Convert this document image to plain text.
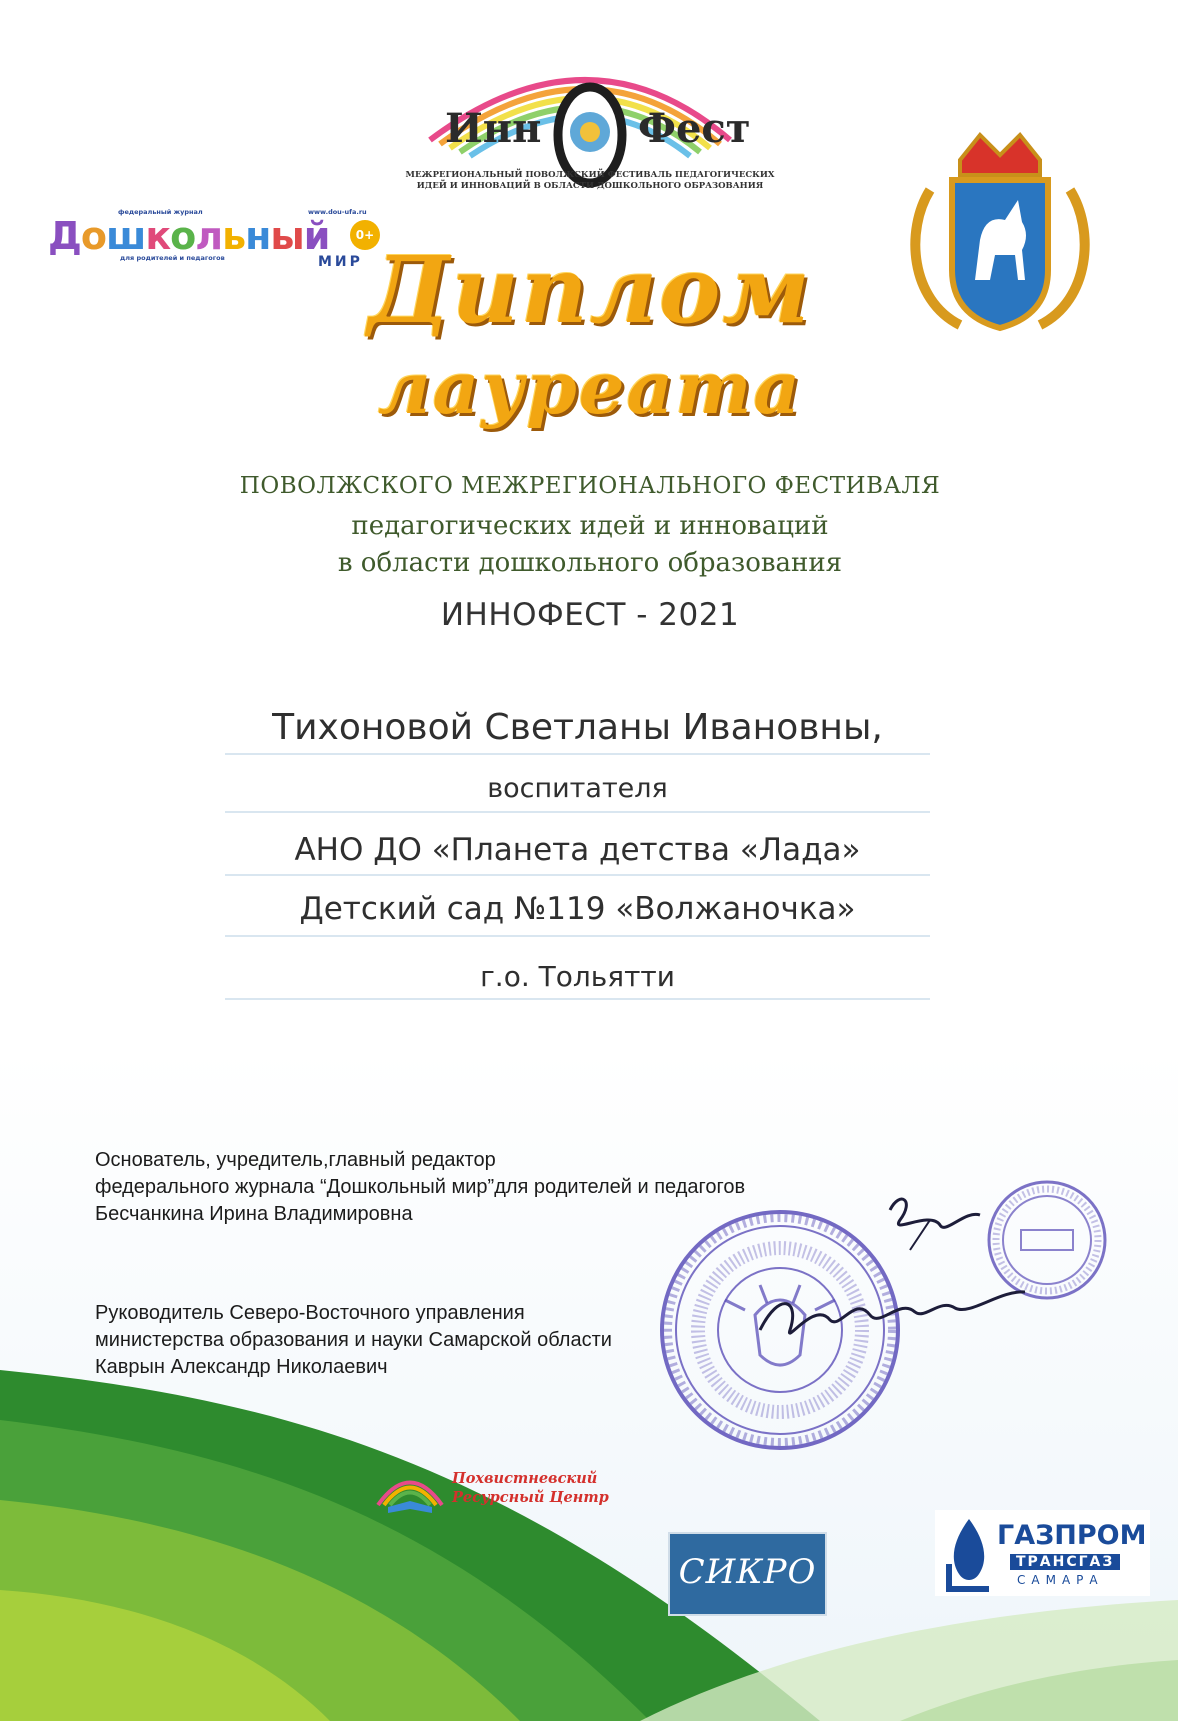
Инн Фест
МЕЖРЕГИОНАЛЬНЫЙ ПОВОЛЖСКИЙ ФЕСТИВАЛЬ ПЕДАГОГИЧЕСКИХ ИДЕЙ И ИННОВАЦИЙ В ОБЛАСТИ ДОШКОЛЬНОГО ОБРАЗОВАНИЯ
федеральный журнал	www.dou-ufa.ru
Дошкольный
для родителей и педагогов	МИР
0+
Диплом
лауреата
ПОВОЛЖСКОГО МЕЖРЕГИОНАЛЬНОГО ФЕСТИВАЛЯ
педагогических идей и инноваций
в области дошкольного образования
ИННОФЕСТ - 2021
Тихоновой Светланы Ивановны,
воспитателя
АНО ДО «Планета детства «Лада»
Детский сад №119 «Волжаночка»
г.о. Тольятти
Основатель, учредитель,главный редактор
федерального журнала “Дошкольный мир”для родителей и педагогов
Бесчанкина Ирина Владимировна
Руководитель Северо-Восточного управления
министерства образования и науки Самарской области
Каврын Александр Николаевич
Похвистневский
Ресурсный Центр
СИКРО
ГАЗПРОМ
ТРАНСГАЗ
САМАРА
